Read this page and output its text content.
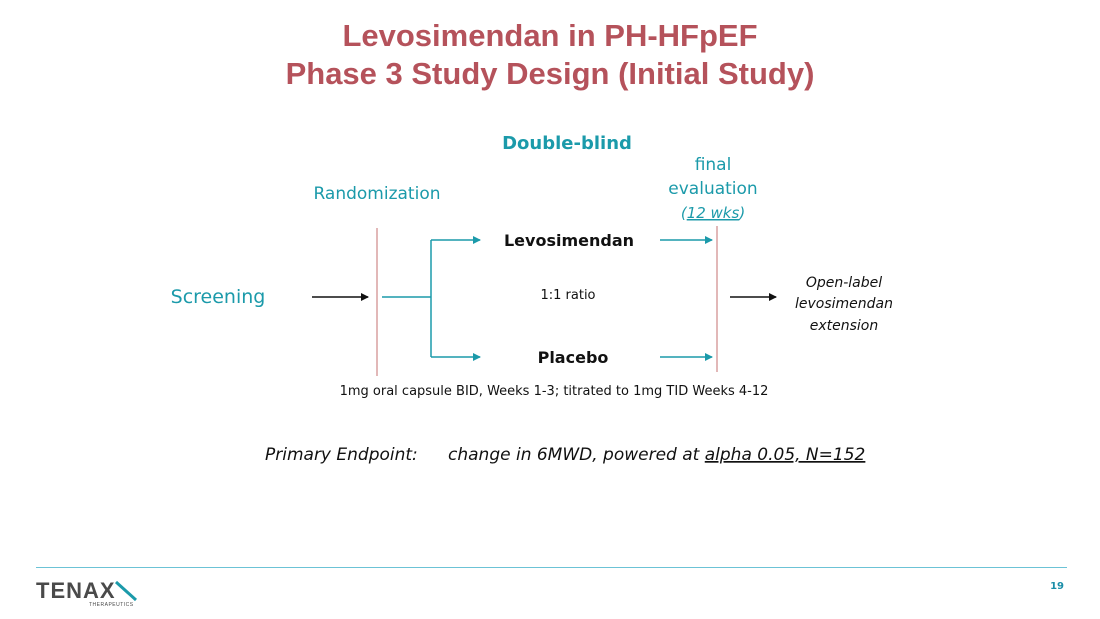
Levosimendan in PH-HFpEF
Phase 3 Study Design (Initial Study)
Double-blind
Randomization
Screening
final
evaluation
(12 wks)
Levosimendan
1:1 ratio
Placebo
Open-label
levosimendan
extension
1mg oral capsule BID, Weeks 1-3; titrated to 1mg TID Weeks 4-12
Primary Endpoint: change in 6MWD, powered at alpha 0.05, N=152
TENAX
THERAPEUTICS
19
